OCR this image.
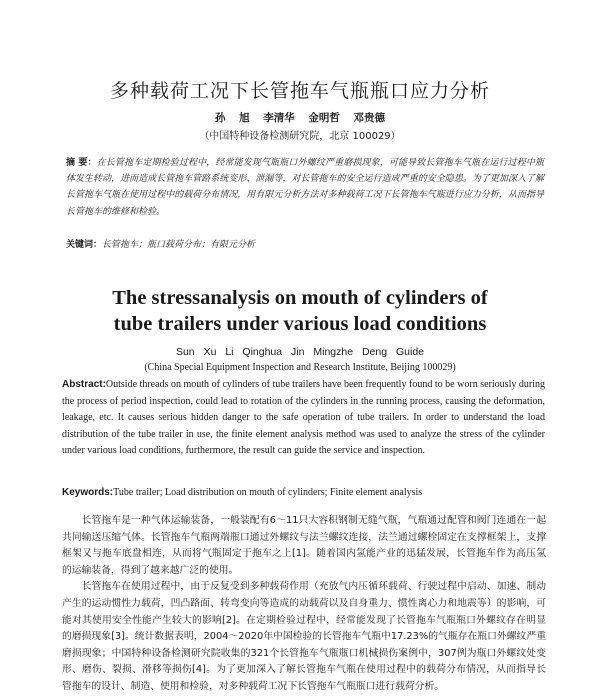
多种载荷工况下长管拖车气瓶瓶口应力分析
孙 旭 李清华 金明哲 邓贵德
（中国特种设备检测研究院，北京 100029）
摘 要：在长管拖车定期检验过程中，经常能发现气瓶瓶口外螺纹严重磨损现象，可能导致长管拖车气瓶在运行过程中瓶体发生转动，进而造成长管拖车管路系统变形、泄漏等，对长管拖车的安全运行造成严重的安全隐患。为了更加深入了解长管拖车气瓶在使用过程中的载荷分布情况，用有限元分析方法对多种载荷工况下长管拖车气瓶进行应力分析，从而指导长管拖车的维修和检验。
关键词：长管拖车；瓶口载荷分布；有限元分析
The stressanalysis on mouth of cylinders of
tube trailers under various load conditions
Sun Xu Li Qinghua Jin Mingzhe Deng Guide
(China Special Equipment Inspection and Research Institute, Beijing 100029)
Abstract:Outside threads on mouth of cylinders of tube trailers have been frequently found to be worn seriously during the process of period inspection, could lead to rotation of the cylinders in the running process, causing the deformation, leakage, etc. It causes serious hidden danger to the safe operation of tube trailers. In order to understand the load distribution of the tube trailer in use, the finite element analysis method was used to analyze the stress of the cylinder under various load conditions, furthermore, the result can guide the service and inspection.
Keywords:Tube trailer; Load distribution on mouth of cylinders; Finite element analysis

长管拖车是一种气体运输装备，一般装配有6～11只大容积钢制无缝气瓶，气瓶通过配管和阀门连通在一起共同输送压缩气体。长管拖车气瓶两端瓶口通过外螺纹与法兰螺纹连接，法兰通过螺栓固定在支撑框架上，支撑框架又与拖车底盘相连，从而将气瓶固定于拖车之上[1]。随着国内氢能产业的迅猛发展，长管拖车作为高压氢的运输装备，得到了越来越广泛的使用。

长管拖车在使用过程中，由于反复受到多种载荷作用（充放气内压循环载荷、行驶过程中启动、加速、制动产生的运动惯性力载荷，凹凸路面、转弯变向等造成的动载荷以及自身重力、惯性离心力和地震等）的影响，可能对其使用安全性能产生较大的影响[2]。在定期检验过程中，经常能发现了长管拖车气瓶瓶口外螺纹存在明显的磨损现象[3]。统计数据表明，2004～2020年中国检验的长管拖车气瓶中17.23%的气瓶存在瓶口外螺纹严重磨损现象；中国特种设备检测研究院收集的321个长管拖车气瓶瓶口机械损伤案例中，307例为瓶口外螺纹处变形、磨伤、裂损、滑移等损伤[4]。为了更加深入了解长管拖车气瓶在使用过程中的载荷分布情况，从而指导长管拖车的设计、制造、使用和检验，对多种载荷工况下长管拖车气瓶瓶口进行载荷分析。
